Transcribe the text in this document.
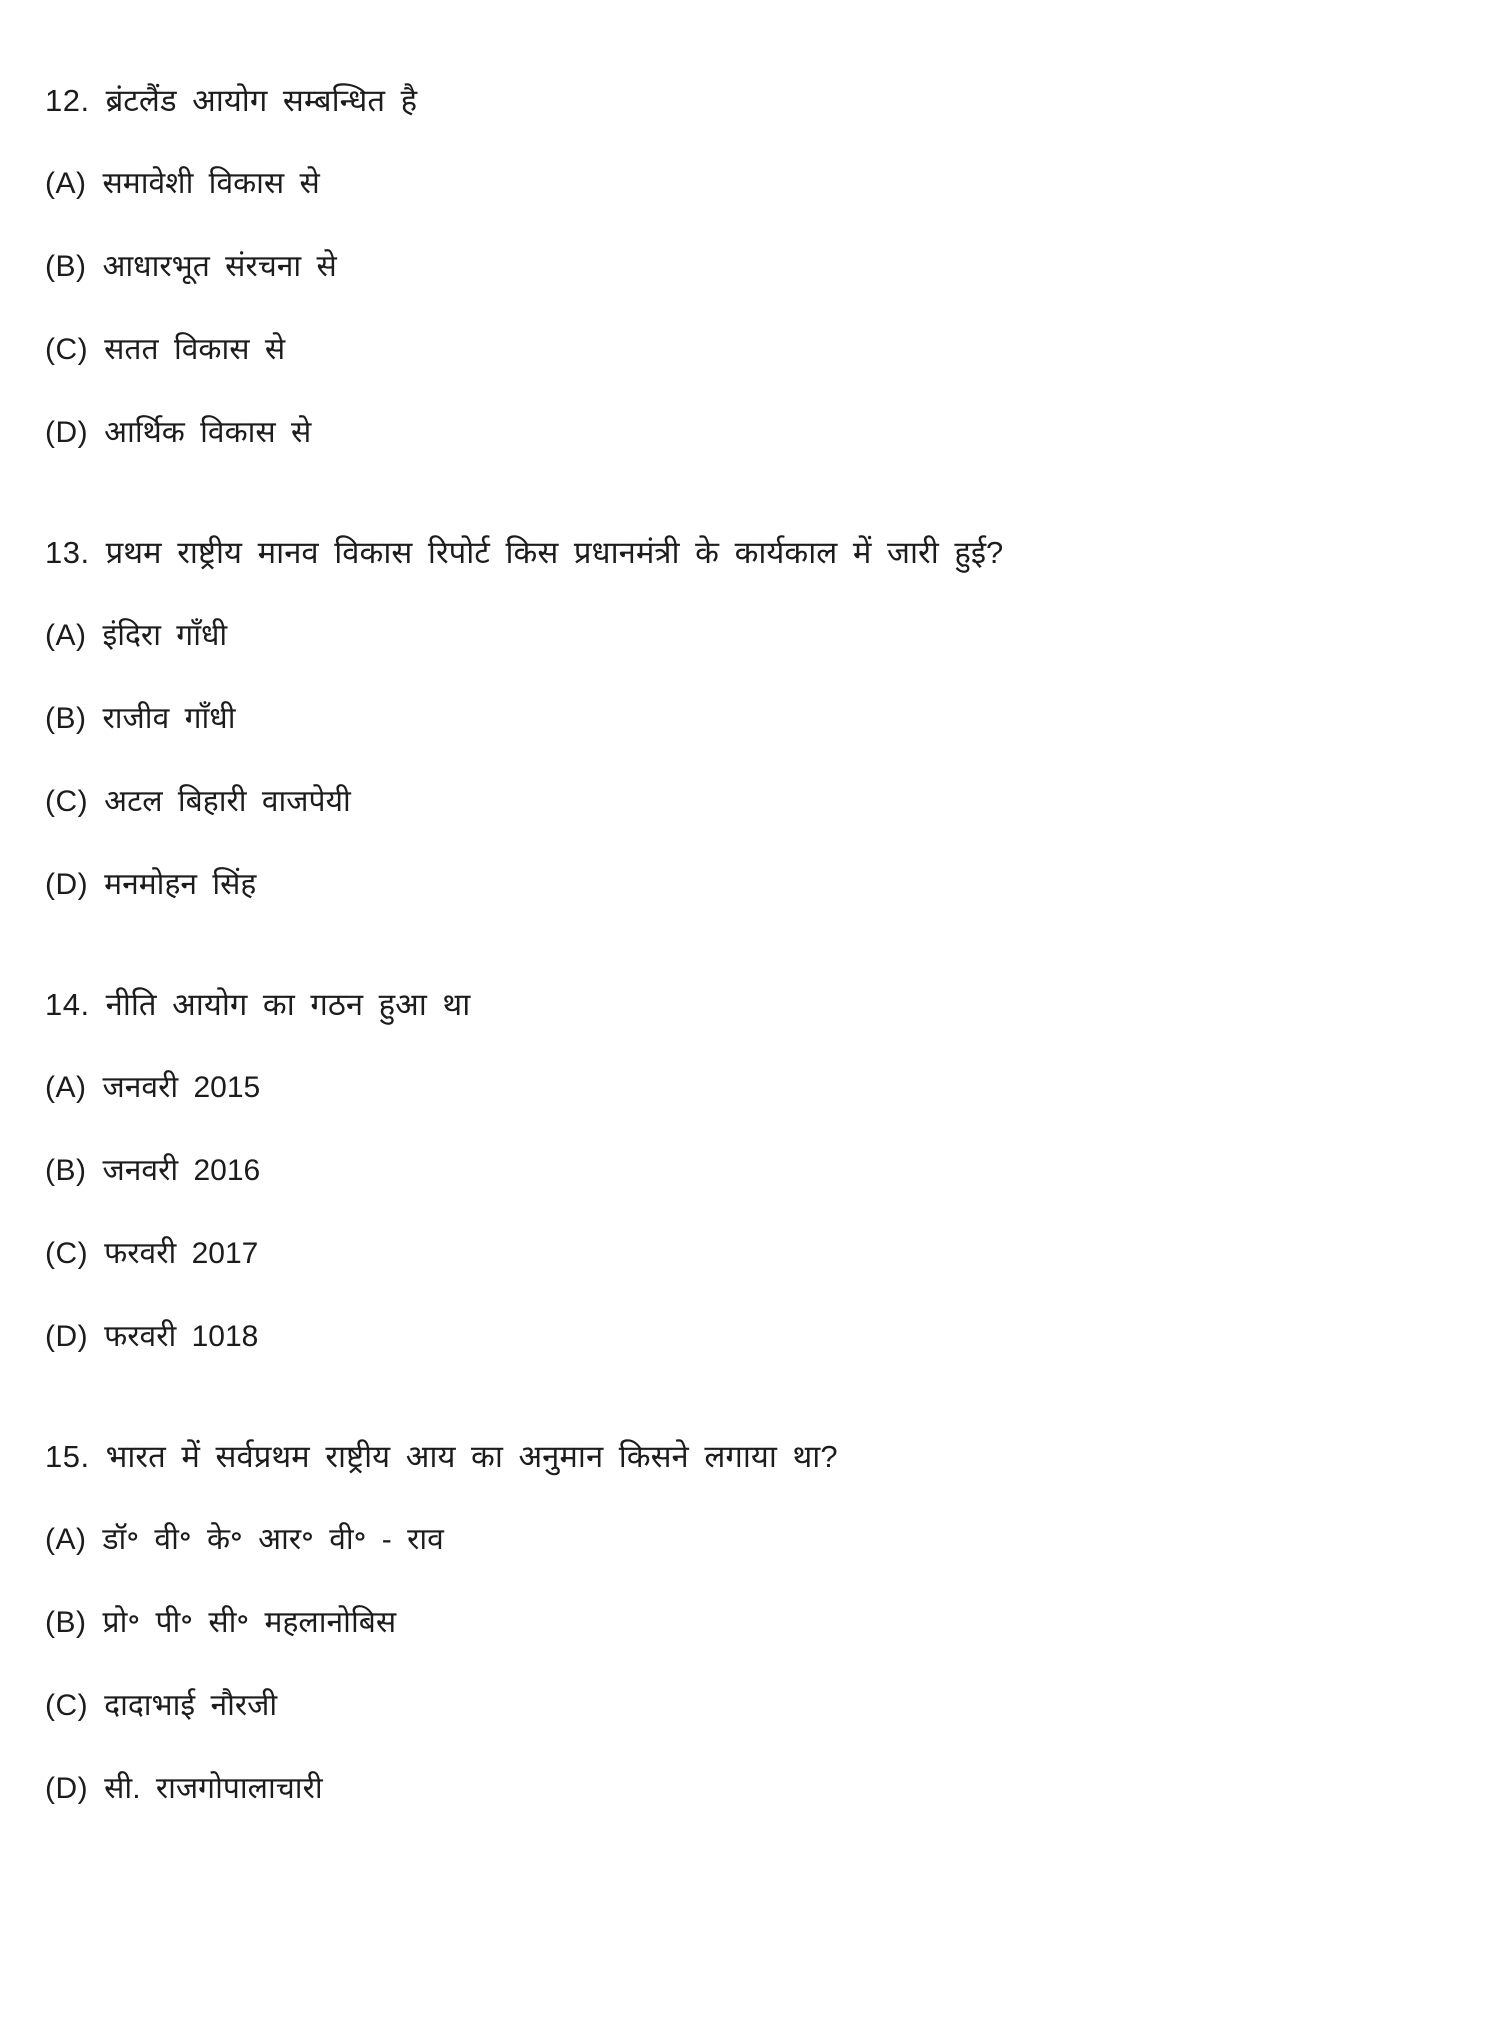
12. ब्रंटलैंड आयोग सम्बन्धित है
(A) समावेशी विकास से
(B) आधारभूत संरचना से
(C) सतत विकास से
(D) आर्थिक विकास से
13. प्रथम राष्ट्रीय मानव विकास रिपोर्ट किस प्रधानमंत्री के कार्यकाल में जारी हुई?
(A) इंदिरा गाँधी
(B) राजीव गाँधी
(C) अटल बिहारी वाजपेयी
(D) मनमोहन सिंह
14. नीति आयोग का गठन हुआ था
(A) जनवरी 2015
(B) जनवरी 2016
(C) फरवरी 2017
(D) फरवरी 1018
15. भारत में सर्वप्रथम राष्ट्रीय आय का अनुमान किसने लगाया था?
(A) डॉ॰ वी॰ के॰ आर॰ वी॰ - राव
(B) प्रो॰ पी॰ सी॰ महलानोबिस
(C) दादाभाई नौरजी
(D) सी. राजगोपालाचारी
